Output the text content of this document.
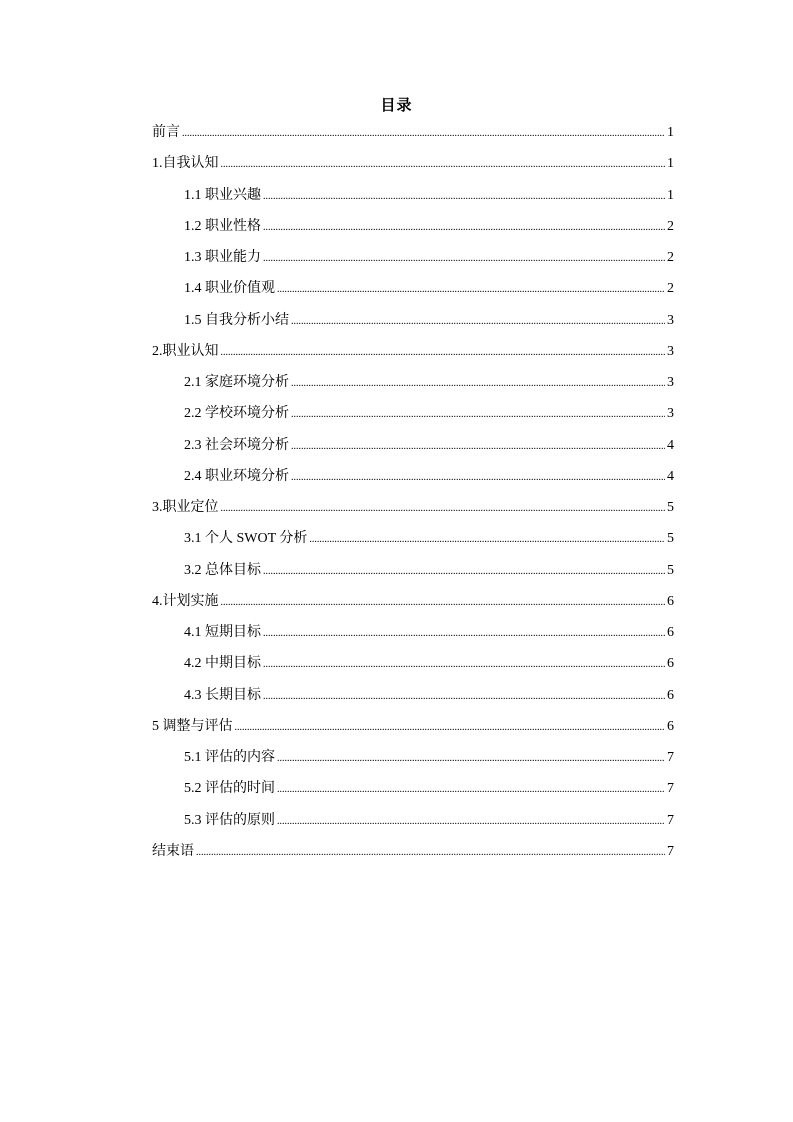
目录
前言 .....	1
1.自我认知 .....	1
1.1 职业兴趣 .....	1
1.2 职业性格 .....	2
1.3 职业能力 .....	2
1.4 职业价值观 .....	2
1.5 自我分析小结 .....	3
2.职业认知 .....	3
2.1 家庭环境分析 .....	3
2.2 学校环境分析 .....	3
2.3 社会环境分析 .....	4
2.4 职业环境分析 .....	4
3.职业定位 .....	5
3.1 个人 SWOT 分析 .....	5
3.2 总体目标 .....	5
4.计划实施 .....	6
4.1 短期目标 .....	6
4.2 中期目标 .....	6
4.3 长期目标 .....	6
5 调整与评估 .....	6
5.1 评估的内容 .....	7
5.2 评估的时间 .....	7
5.3 评估的原则 .....	7
结束语 .....	7
